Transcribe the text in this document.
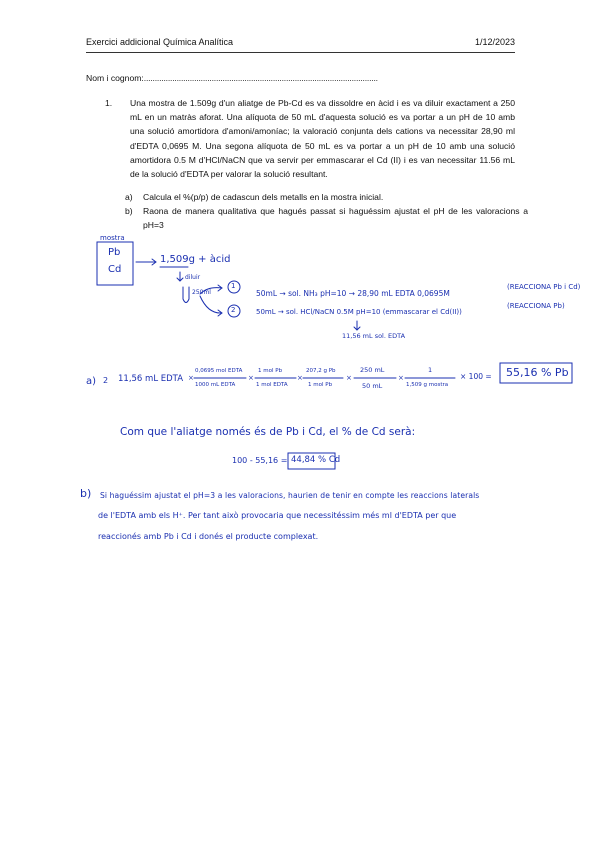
Exercici addicional Química Analítica	1/12/2023
Nom i cognom:...........................................................................................................
1.	Una mostra de 1.509g d'un aliatge de Pb-Cd es va dissoldre en àcid i es va diluir exactament a 250 mL en un matràs aforat. Una alíquota de 50 mL d'aquesta solució es va portar a un pH de 10 amb una solució amortidora d'amoni/amoníac; la valoració conjunta dels cations va necessitar 28,90 ml d'EDTA 0,0695 M. Una segona alíquota de 50 mL es va portar a un pH de 10 amb una solució amortidora 0.5 M d'HCl/NaCN que va servir per emmascarar el Cd (II) i es van necessitar 11.56 mL de la solució d'EDTA per valorar la solució resultant.
a) Calcula el %(p/p) de cadascun dels metalls en la mostra inicial.
b) Raona de manera qualitativa que hagués passat si haguéssim ajustat el pH de les valoracions a pH=3
mostra
Pb
Cd
1,509g + àcid
diluir
250ml
1
2
50mL → sol. NH₃ pH=10 → 28,90 mL EDTA 0,0695M
(REACCIONA Pb i Cd)
50mL → sol. HCl/NaCN 0.5M pH=10 (emmascarar el Cd(II))
(REACCIONA Pb)
11,56 mL sol. EDTA
a) 2 11,56 mL EDTA ×
0,0695 mol EDTA
1000 mL EDTA
×
1 mol Pb
1 mol EDTA
×
207,2 g Pb
1 mol Pb
×
250 mL
50 mL
×
1
1,509 g mostra
× 100 = 55,16 % Pb
Com que l'aliatge només és de Pb i Cd, el % de Cd serà:
100 - 55,16 = 44,84 % Cd
b) Si haguéssim ajustat el pH=3 a les valoracions, haurien de tenir en compte les reaccions laterals
de l'EDTA amb els H⁺. Per tant això provocaria que necessitéssim més ml d'EDTA per que
reaccionés amb Pb i Cd i donés el producte complexat.
